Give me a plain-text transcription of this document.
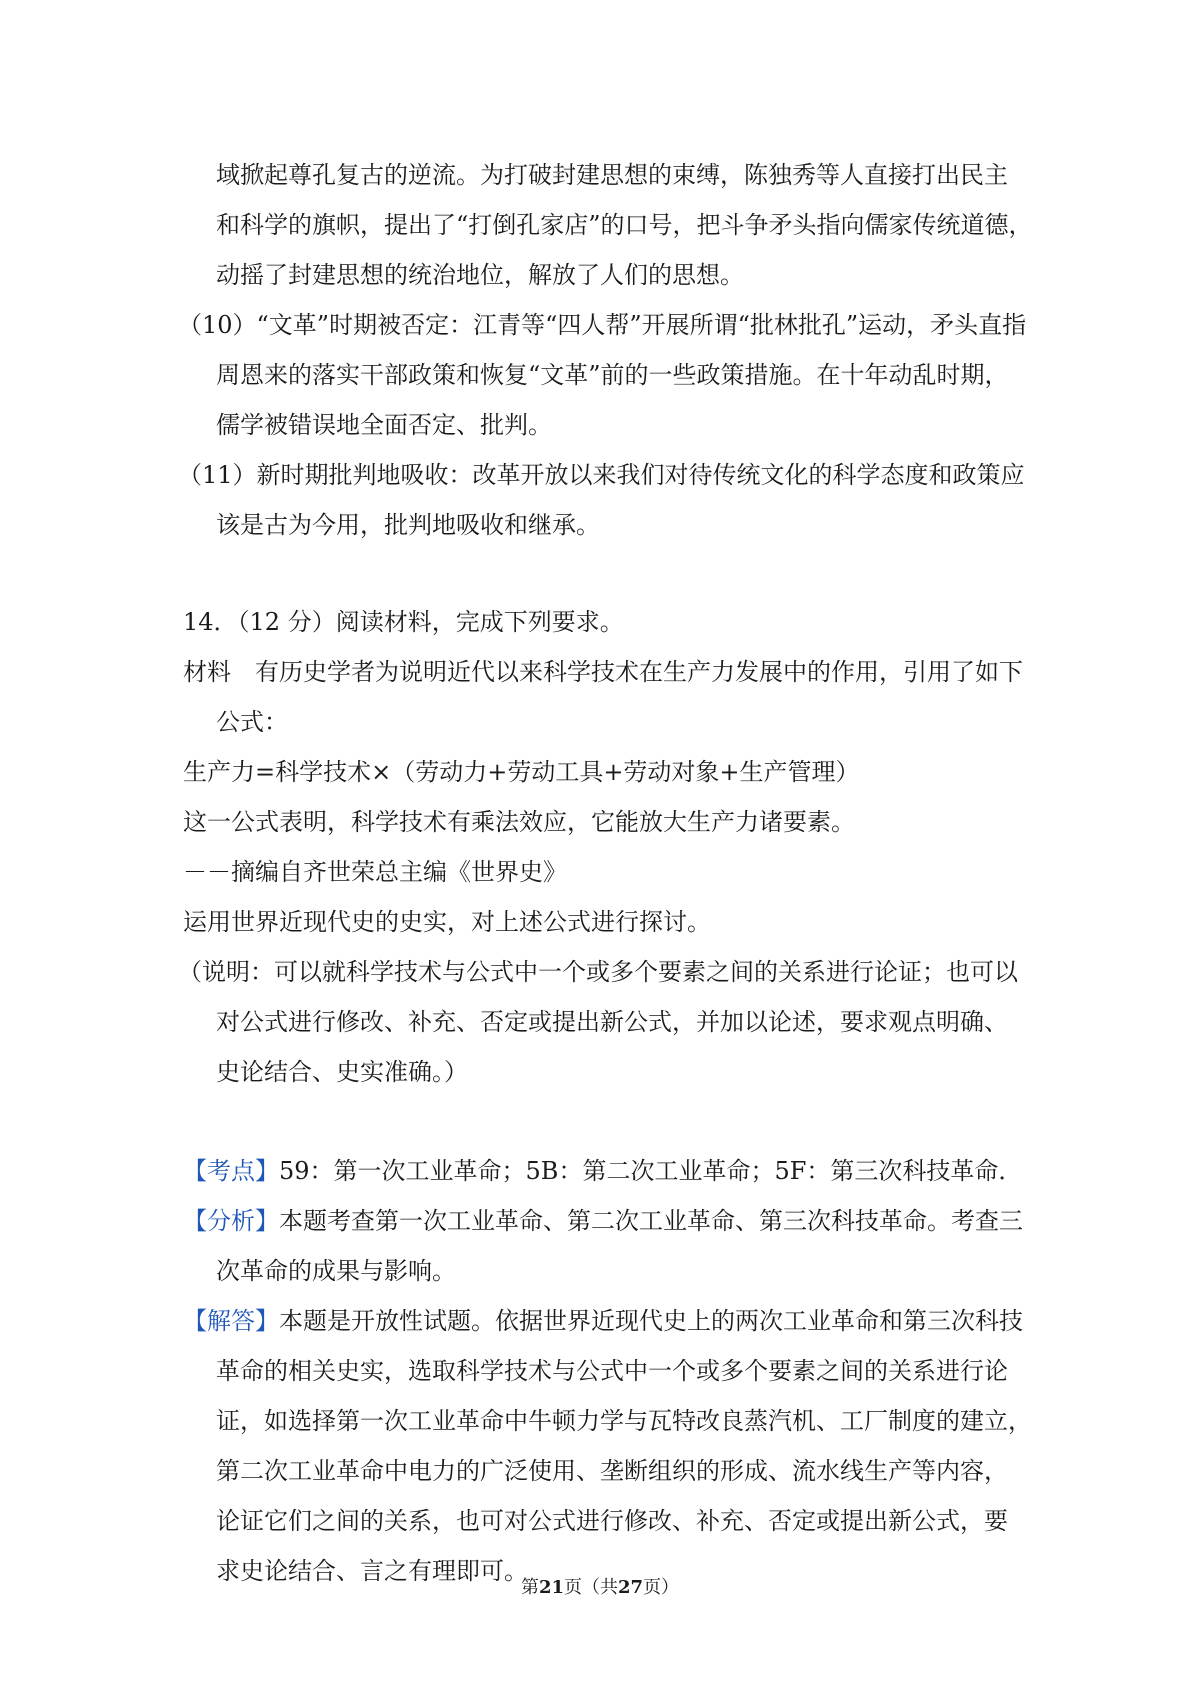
域掀起尊孔复古的逆流。为打破封建思想的束缚，陈独秀等人直接打出民主
和科学的旗帜，提出了“打倒孔家店”的口号，把斗争矛头指向儒家传统道德，
动摇了封建思想的统治地位，解放了人们的思想。
（10）“文革”时期被否定：江青等“四人帮”开展所谓“批林批孔”运动，矛头直指
周恩来的落实干部政策和恢复“文革”前的一些政策措施。在十年动乱时期，
儒学被错误地全面否定、批判。
（11）新时期批判地吸收：改革开放以来我们对待传统文化的科学态度和政策应
该是古为今用，批判地吸收和继承。
14．（12 分）阅读材料，完成下列要求。
材料　有历史学者为说明近代以来科学技术在生产力发展中的作用，引用了如下
公式：
生产力=科学技术×（劳动力+劳动工具+劳动对象+生产管理）
这一公式表明，科学技术有乘法效应，它能放大生产力诸要素。
－－摘编自齐世荣总主编《世界史》
运用世界近现代史的史实，对上述公式进行探讨。
（说明：可以就科学技术与公式中一个或多个要素之间的关系进行论证；也可以
对公式进行修改、补充、否定或提出新公式，并加以论述，要求观点明确、
史论结合、史实准确。）
【考点】59：第一次工业革命；5B：第二次工业革命；5F：第三次科技革命．
【分析】本题考查第一次工业革命、第二次工业革命、第三次科技革命。考查三
次革命的成果与影响。
【解答】本题是开放性试题。依据世界近现代史上的两次工业革命和第三次科技
革命的相关史实，选取科学技术与公式中一个或多个要素之间的关系进行论
证，如选择第一次工业革命中牛顿力学与瓦特改良蒸汽机、工厂制度的建立，
第二次工业革命中电力的广泛使用、垄断组织的形成、流水线生产等内容，
论证它们之间的关系，也可对公式进行修改、补充、否定或提出新公式，要
求史论结合、言之有理即可。
第21页（共27页）
